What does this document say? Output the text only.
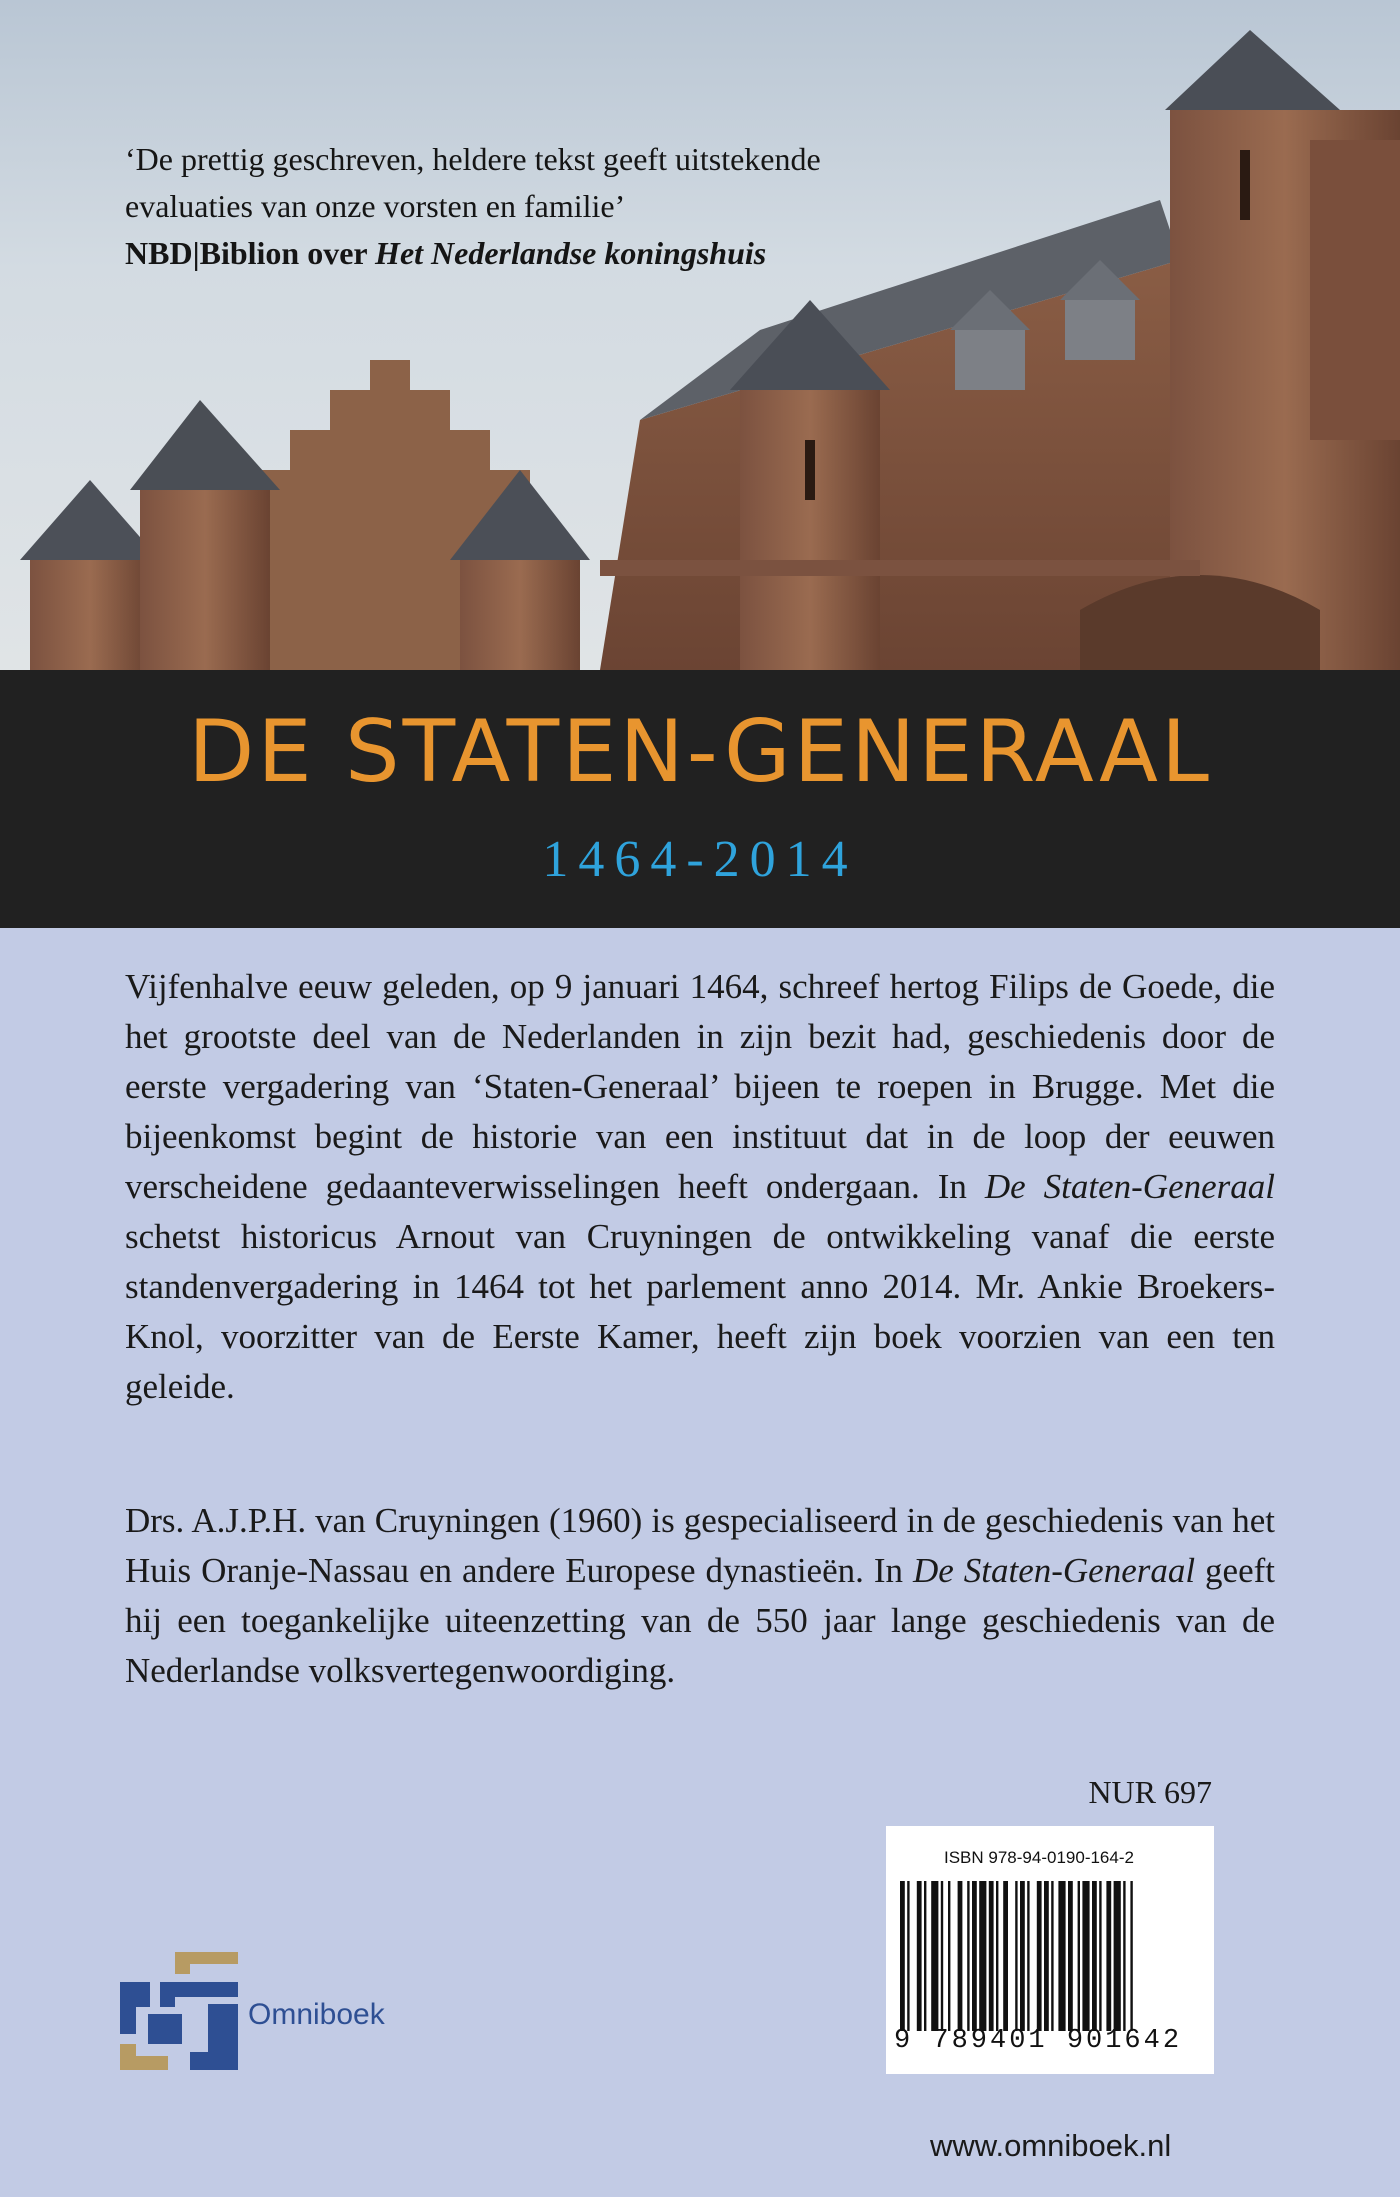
‘De prettig geschreven, heldere tekst geeft uitstekende
evaluaties van onze vorsten en familie’
NBD|Biblion over Het Nederlandse koningshuis
DE STATEN-GENERAAL
1464-2014
Vijfenhalve eeuw geleden, op 9 januari 1464, schreef hertog Filips de Goede, die het grootste deel van de Nederlanden in zijn bezit had, geschiedenis door de eerste vergadering van ‘Staten-Generaal’ bijeen te roepen in Brugge. Met die bijeenkomst begint de historie van een instituut dat in de loop der eeuwen verscheidene gedaanteverwisselingen heeft ondergaan. In De Staten-Generaal schetst historicus Arnout van Cruyningen de ontwikkeling vanaf die eerste standenvergadering in 1464 tot het parlement anno 2014. Mr. Ankie Broekers-Knol, voorzitter van de Eerste Kamer, heeft zijn boek voorzien van een ten geleide.
Drs. A.J.P.H. van Cruyningen (1960) is gespecialiseerd in de geschiedenis van het Huis Oranje-Nassau en andere Europese dynastieën. In De Staten-Generaal geeft hij een toegankelijke uiteenzetting van de 550 jaar lange geschiedenis van de Nederlandse volksvertegenwoordiging.
NUR 697
ISBN 978-94-0190-164-2
9 789401 901642
Omniboek
www.omniboek.nl
